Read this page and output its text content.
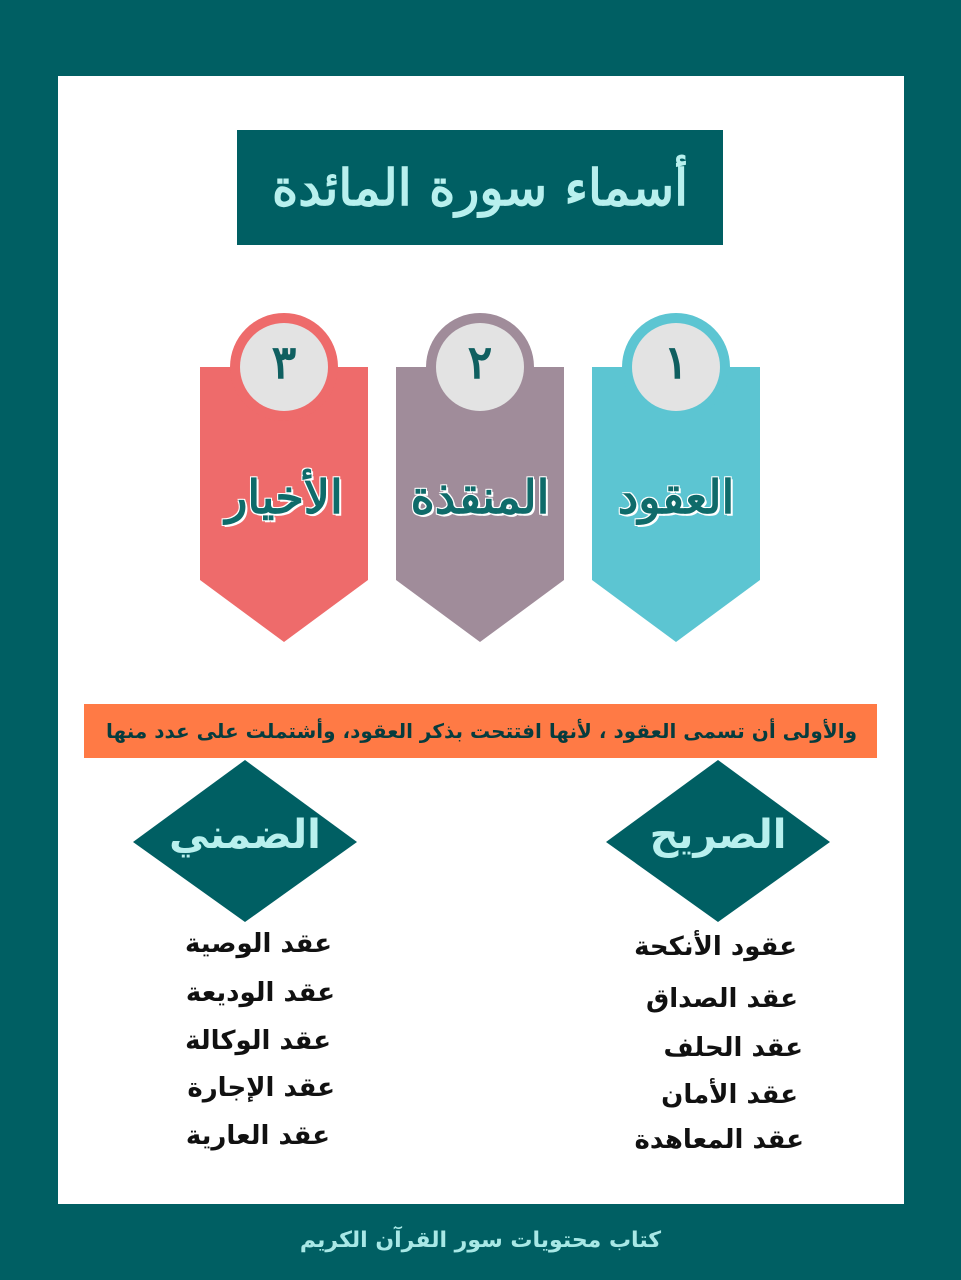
أسماء سورة المائدة
١
٢
٣
العقود
المنقذة
الأخيار
والأولى أن تسمى العقود ، لأنها افتتحت بذكر العقود، وأشتملت على عدد منها
الصريح
الضمني
عقود الأنكحة
عقد الصداق
عقد الحلف
عقد الأمان
عقد المعاهدة
عقد الوصية
عقد الوديعة
عقد الوكالة
عقد الإجارة
عقد العارية
كتاب محتويات سور القرآن الكريم
